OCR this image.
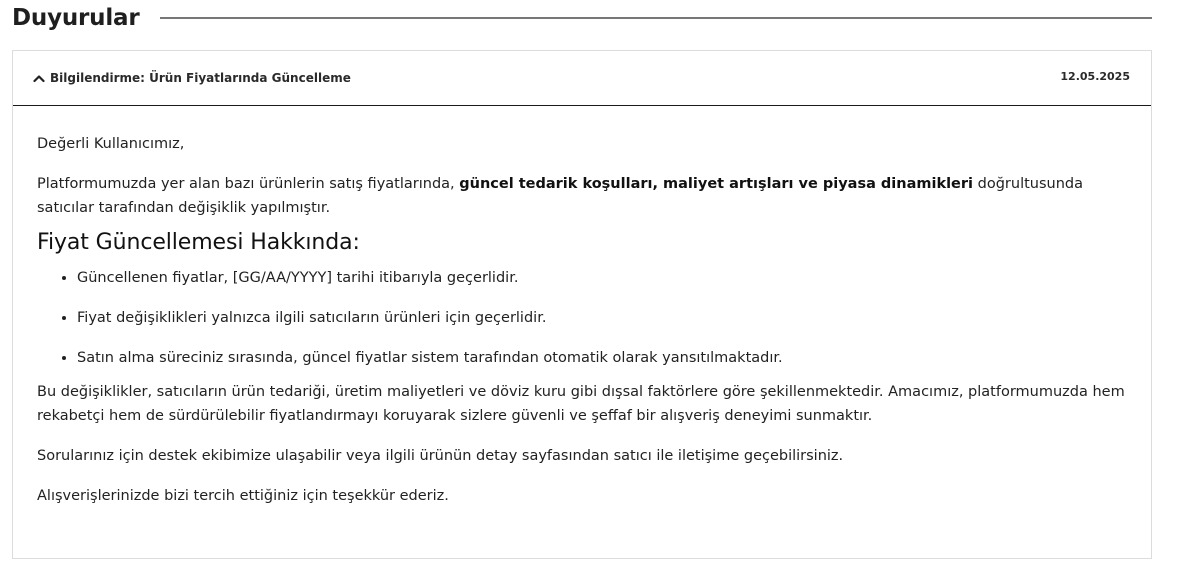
Duyurular
Bilgilendirme: Ürün Fiyatlarında Güncelleme	12.05.2025

Değerli Kullanıcımız,

Platformumuzda yer alan bazı ürünlerin satış fiyatlarında, güncel tedarik koşulları, maliyet artışları ve piyasa dinamikleri doğrultusunda satıcılar tarafından değişiklik yapılmıştır.

Fiyat Güncellemesi Hakkında:
• Güncellenen fiyatlar, [GG/AA/YYYY] tarihi itibarıyla geçerlidir.
• Fiyat değişiklikleri yalnızca ilgili satıcıların ürünleri için geçerlidir.
• Satın alma süreciniz sırasında, güncel fiyatlar sistem tarafından otomatik olarak yansıtılmaktadır.

Bu değişiklikler, satıcıların ürün tedariği, üretim maliyetleri ve döviz kuru gibi dışsal faktörlere göre şekillenmektedir. Amacımız, platformumuzda hem rekabetçi hem de sürdürülebilir fiyatlandırmayı koruyarak sizlere güvenli ve şeffaf bir alışveriş deneyimi sunmaktır.

Sorularınız için destek ekibimize ulaşabilir veya ilgili ürünün detay sayfasından satıcı ile iletişime geçebilirsiniz.

Alışverişlerinizde bizi tercih ettiğiniz için teşekkür ederiz.
